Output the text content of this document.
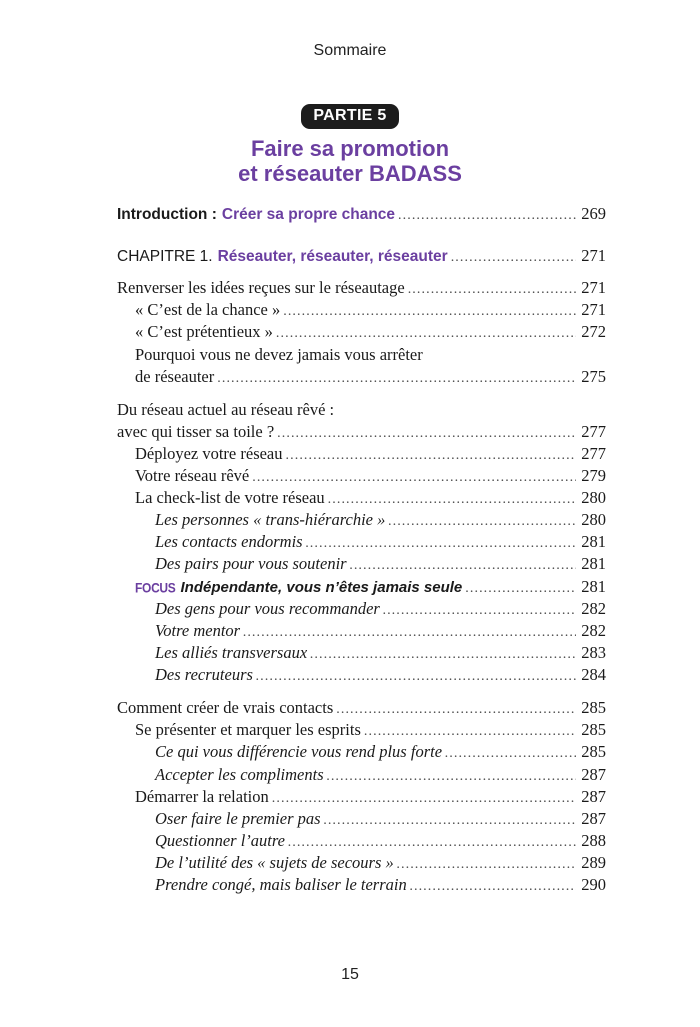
Sommaire
PARTIE 5
Faire sa promotion
et réseauter BADASS
Introduction : Créer sa propre chance . . .	269
CHAPITRE 1. Réseauter, réseauter, réseauter . . .	271
Renverser les idées reçues sur le réseautage . . .	271
« C’est de la chance » . . .	271
« C’est prétentieux » . . .	272
Pourquoi vous ne devez jamais vous arrêter
de réseauter . . .	275
Du réseau actuel au réseau rêvé :
avec qui tisser sa toile ? . . .	277
Déployez votre réseau . . .	277
Votre réseau rêvé . . .	279
La check-list de votre réseau . . .	280
Les personnes « trans-hiérarchie » . . .	280
Les contacts endormis . . .	281
Des pairs pour vous soutenir . . .	281
FOCUS Indépendante, vous n’êtes jamais seule . . .	281
Des gens pour vous recommander . . .	282
Votre mentor . . .	282
Les alliés transversaux . . .	283
Des recruteurs . . .	284
Comment créer de vrais contacts . . .	285
Se présenter et marquer les esprits . . .	285
Ce qui vous différencie vous rend plus forte . . .	285
Accepter les compliments . . .	287
Démarrer la relation . . .	287
Oser faire le premier pas . . .	287
Questionner l’autre . . .	288
De l’utilité des « sujets de secours » . . .	289
Prendre congé, mais baliser le terrain . . .	290
15
